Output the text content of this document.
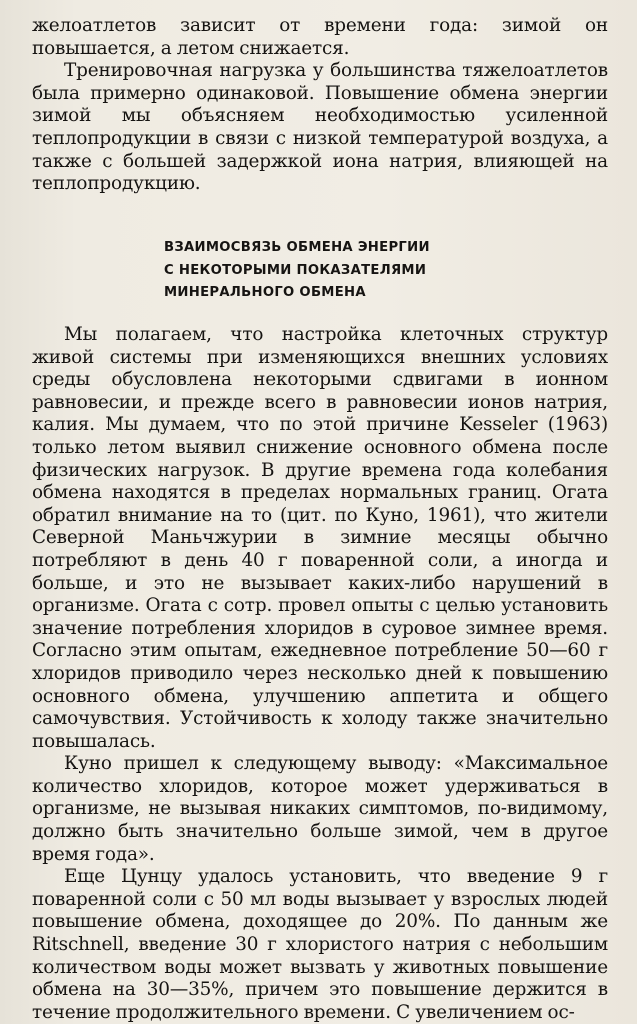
желоатлетов зависит от времени года: зимой он повышается, а летом снижается.

Тренировочная нагрузка у большинства тяжелоатлетов была примерно одинаковой. Повышение обмена энергии зимой мы объясняем необходимостью усиленной теплопродукции в связи с низкой температурой воздуха, а также с большей задержкой иона натрия, влияющей на теплопродукцию.

ВЗАИМОСВЯЗЬ ОБМЕНА ЭНЕРГИИ
С НЕКОТОРЫМИ ПОКАЗАТЕЛЯМИ
МИНЕРАЛЬНОГО ОБМЕНА

Мы полагаем, что настройка клеточных структур живой системы при изменяющихся внешних условиях среды обусловлена некоторыми сдвигами в ионном равновесии, и прежде всего в равновесии ионов натрия, калия. Мы думаем, что по этой причине Kesseler (1963) только летом выявил снижение основного обмена после физических нагрузок. В другие времена года колебания обмена находятся в пределах нормальных границ. Огата обратил внимание на то (цит. по Куно, 1961), что жители Северной Маньчжурии в зимние месяцы обычно потребляют в день 40 г поваренной соли, а иногда и больше, и это не вызывает каких-либо нарушений в организме. Огата с сотр. провел опыты с целью установить значение потребления хлоридов в суровое зимнее время. Согласно этим опытам, ежедневное потребление 50—60 г хлоридов приводило через несколько дней к повышению основного обмена, улучшению аппетита и общего самочувствия. Устойчивость к холоду также значительно повышалась.

Куно пришел к следующему выводу: «Максимальное количество хлоридов, которое может удерживаться в организме, не вызывая никаких симптомов, по-видимому, должно быть значительно больше зимой, чем в другое время года».

Еще Цунцу удалось установить, что введение 9 г поваренной соли с 50 мл воды вызывает у взрослых людей повышение обмена, доходящее до 20%. По данным же Ritschnell, введение 30 г хлористого натрия с небольшим количеством воды может вызвать у животных повышение обмена на 30—35%, причем это повышение держится в течение продолжительного времени. С увеличением ос-
